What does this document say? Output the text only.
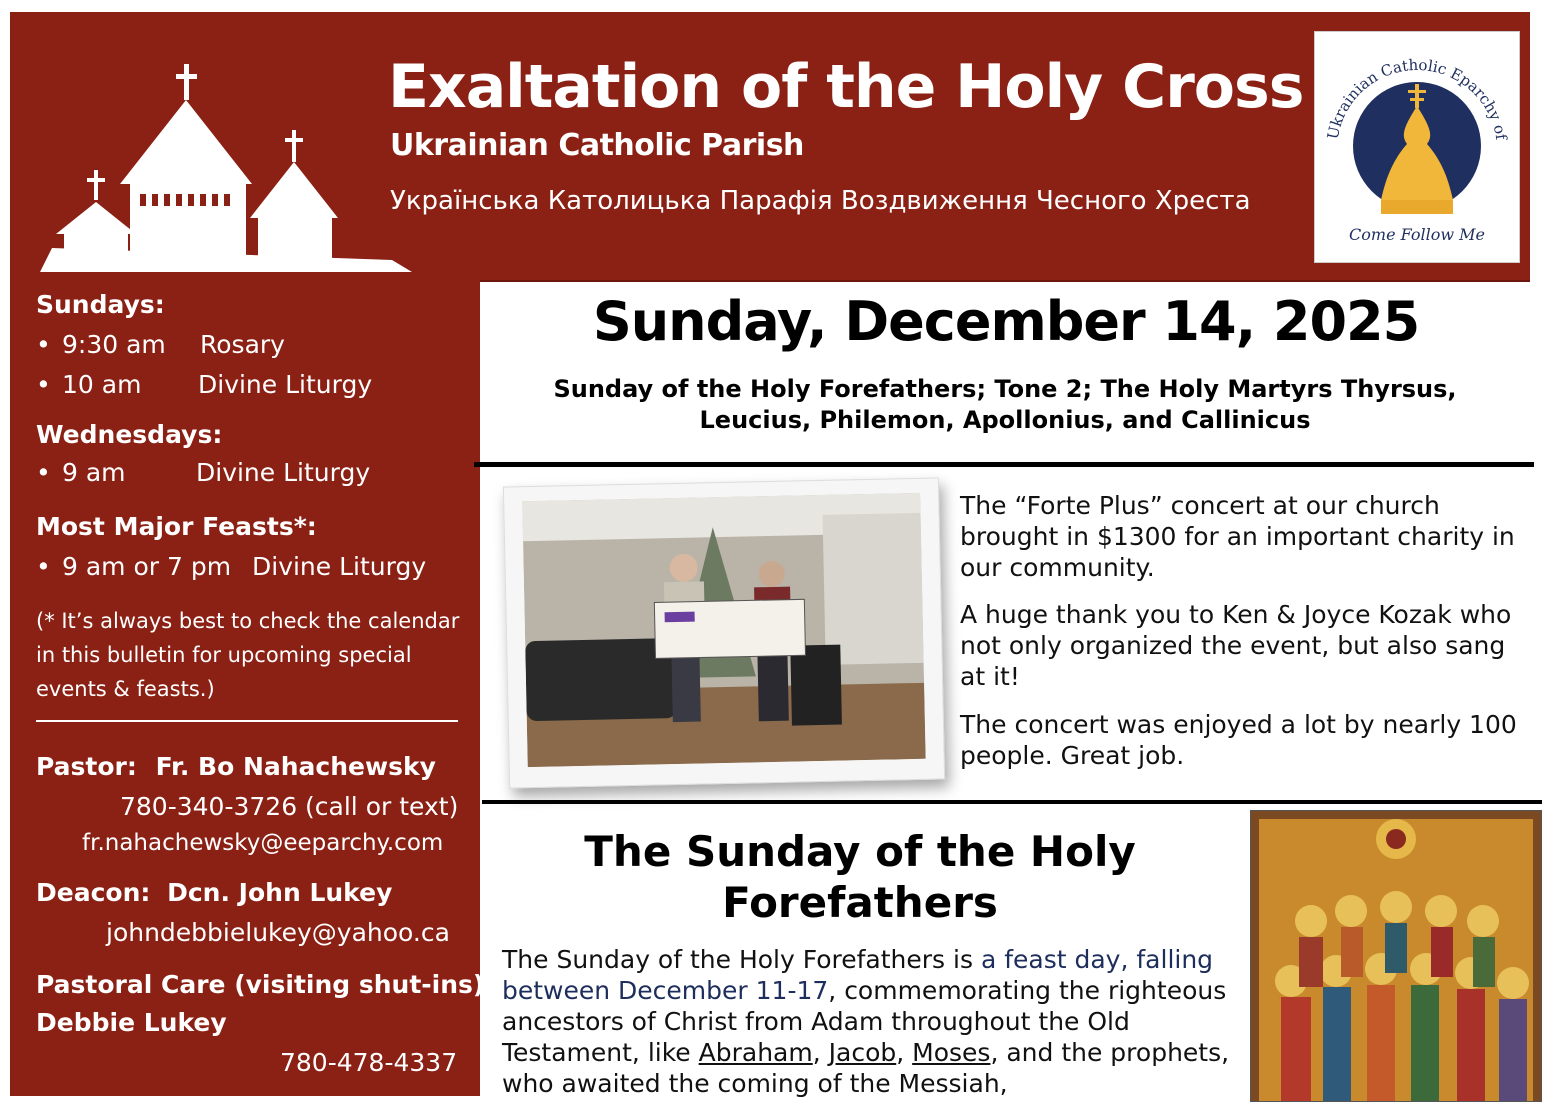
Exaltation of the Holy Cross
Ukrainian Catholic Parish
Українська Католицька Парафія Воздвиження Чесного Хреста
Ukrainian Catholic Eparchy of
Come Follow Me
Sundays:
• 9:30 am Rosary
• 10 am Divine Liturgy
Wednesdays:
• 9 am	Divine Liturgy
Most Major Feasts*:
• 9 am or 7 pm Divine Liturgy
(* It’s always best to check the calendar in this bulletin for upcoming special events & feasts.)
Pastor: Fr. Bo Nahachewsky
780-340-3726 (call or text)
fr.nahachewsky@eeparchy.com
Deacon: Dcn. John Lukey
johndebbielukey@yahoo.ca
Pastoral Care (visiting shut-ins):
Debbie Lukey
780-478-4337
Sunday, December 14, 2025
Sunday of the Holy Forefathers; Tone 2; The Holy Martyrs Thyrsus,
Leucius, Philemon, Apollonius, and Callinicus
The “Forte Plus” concert at our church brought in $1300 for an important charity in our community.
A huge thank you to Ken & Joyce Kozak who not only organized the event, but also sang at it!
The concert was enjoyed a lot by nearly 100 people. Great job.
The Sunday of the Holy
Forefathers
The Sunday of the Holy Forefathers is a feast day, falling between December 11-17, commemorating the righteous ancestors of Christ from Adam throughout the Old Testament, like Abraham, Jacob, Moses, and the prophets, who awaited the coming of the Messiah,
